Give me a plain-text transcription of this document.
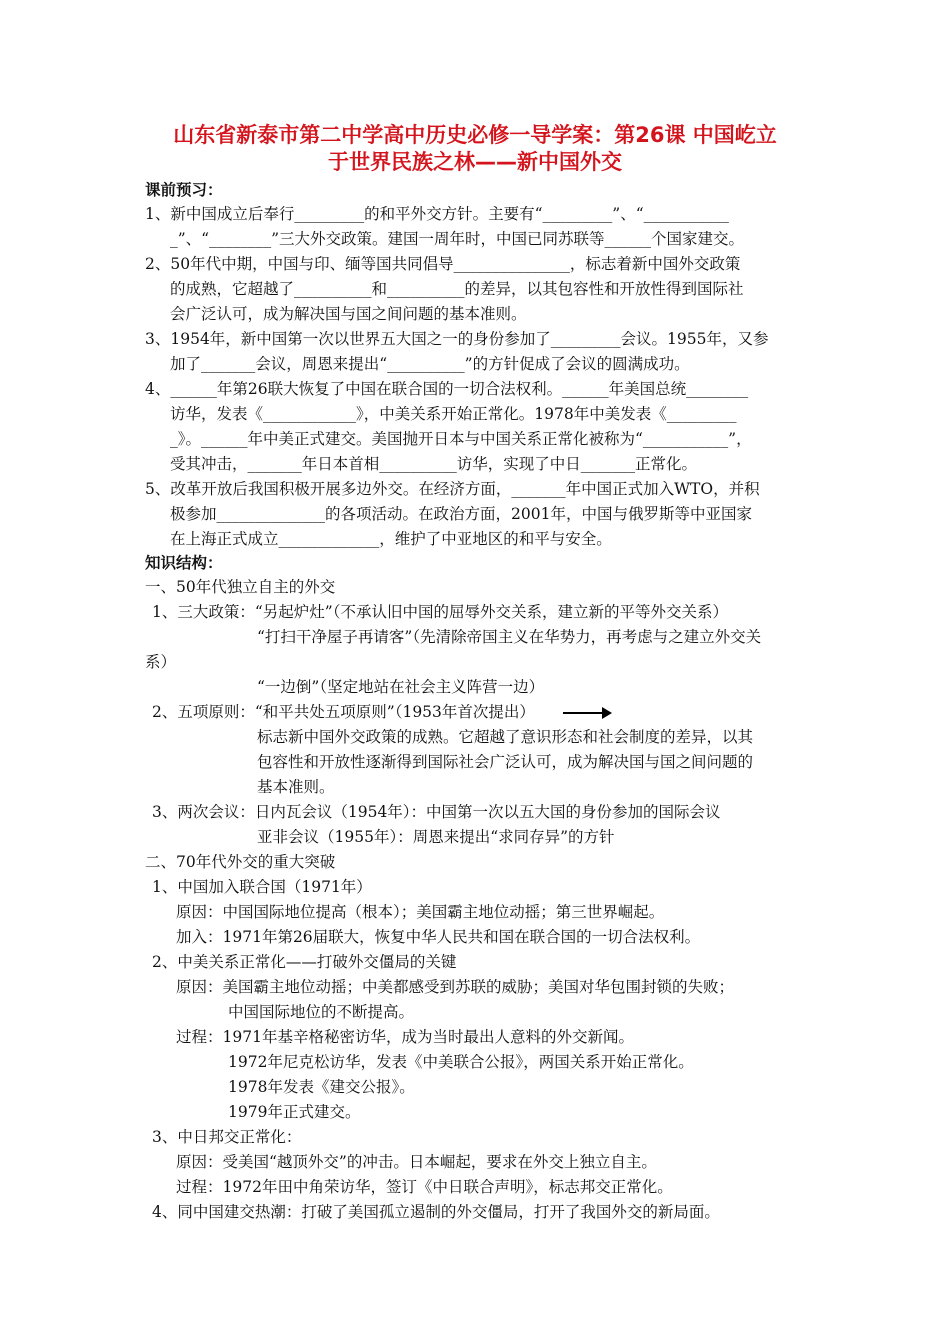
山东省新泰市第二中学高中历史必修一导学案：第26课 中国屹立
于世界民族之林——新中国外交
课前预习：
1、新中国成立后奉行_________的和平外交方针。主要有“_________”、“___________
_”、“________”三大外交政策。建国一周年时，中国已同苏联等______个国家建交。
2、50年代中期，中国与印、缅等国共同倡导_______________，标志着新中国外交政策
的成熟，它超越了__________和__________的差异，以其包容性和开放性得到国际社
会广泛认可，成为解决国与国之间问题的基本准则。
3、1954年，新中国第一次以世界五大国之一的身份参加了_________会议。1955年，又参
加了_______会议，周恩来提出“__________”的方针促成了会议的圆满成功。
4、______年第26联大恢复了中国在联合国的一切合法权利。______年美国总统________
访华，发表《____________》，中美关系开始正常化。1978年中美发表《_________
_》。______年中美正式建交。美国抛开日本与中国关系正常化被称为“___________”，
受其冲击，_______年日本首相__________访华，实现了中日_______正常化。
5、改革开放后我国积极开展多边外交。在经济方面，_______年中国正式加入WTO，并积
极参加______________的各项活动。在政治方面，2001年，中国与俄罗斯等中亚国家
在上海正式成立_____________，维护了中亚地区的和平与安全。
知识结构：
一、50年代独立自主的外交
1、三大政策：“另起炉灶”（不承认旧中国的屈辱外交关系，建立新的平等外交关系）
“打扫干净屋子再请客”（先清除帝国主义在华势力，再考虑与之建立外交关
系）
“一边倒”（坚定地站在社会主义阵营一边）
2、五项原则：“和平共处五项原则”（1953年首次提出）
标志新中国外交政策的成熟。它超越了意识形态和社会制度的差异，以其
包容性和开放性逐渐得到国际社会广泛认可，成为解决国与国之间问题的
基本准则。
3、两次会议：日内瓦会议（1954年）：中国第一次以五大国的身份参加的国际会议
亚非会议（1955年）：周恩来提出“求同存异”的方针
二、70年代外交的重大突破
1、中国加入联合国（1971年）
原因：中国国际地位提高（根本）；美国霸主地位动摇；第三世界崛起。
加入：1971年第26届联大，恢复中华人民共和国在联合国的一切合法权利。
2、中美关系正常化——打破外交僵局的关键
原因：美国霸主地位动摇；中美都感受到苏联的威胁；美国对华包围封锁的失败；
中国国际地位的不断提高。
过程：1971年基辛格秘密访华，成为当时最出人意料的外交新闻。
1972年尼克松访华，发表《中美联合公报》，两国关系开始正常化。
1978年发表《建交公报》。
1979年正式建交。
3、中日邦交正常化：
原因：受美国“越顶外交”的冲击。日本崛起，要求在外交上独立自主。
过程：1972年田中角荣访华，签订《中日联合声明》，标志邦交正常化。
4、同中国建交热潮：打破了美国孤立遏制的外交僵局，打开了我国外交的新局面。
